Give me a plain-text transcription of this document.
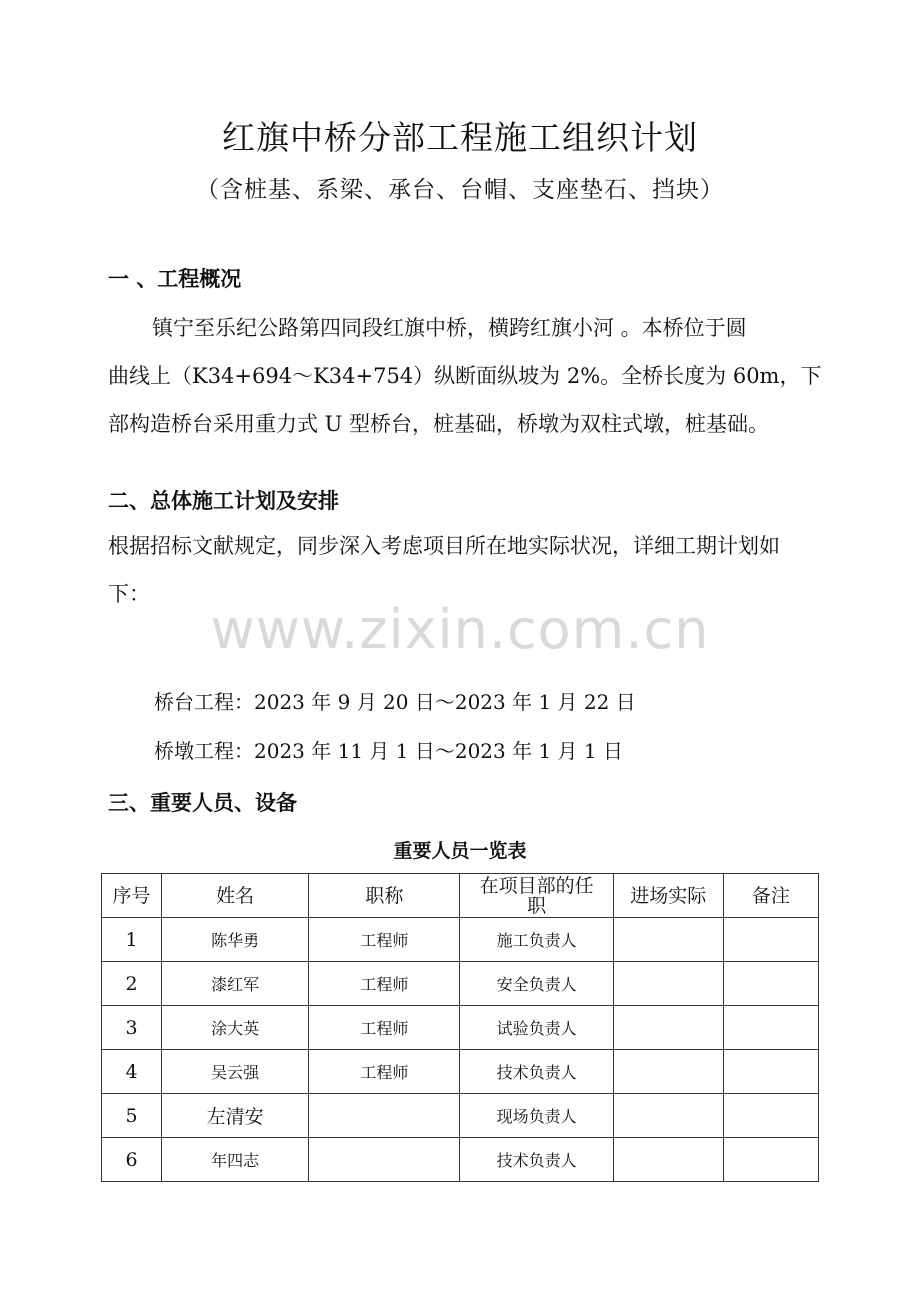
红旗中桥分部工程施工组织计划
（含桩基、系梁、承台、台帽、支座垫石、挡块）
一 、工程概况
镇宁至乐纪公路第四同段红旗中桥，横跨红旗小河 。本桥位于圆
曲线上（K34+694～K34+754）纵断面纵坡为 2%。全桥长度为 60m，下
部构造桥台采用重力式 U 型桥台，桩基础，桥墩为双柱式墩，桩基础。
二、总体施工计划及安排
根据招标文献规定，同步深入考虑项目所在地实际状况，详细工期计划如
下：
www.zixin.com.cn
桥台工程：2023 年 9 月 20 日～2023 年 1 月 22 日
桥墩工程：2023 年 11 月 1 日～2023 年 1 月 1 日
三、重要人员、设备
重要人员一览表
序号	姓名	职称	在项目部的任职	进场实际	备注
1	陈华勇	工程师	施工负责人		
2	漆红军	工程师	安全负责人		
3	涂大英	工程师	试验负责人		
4	吴云强	工程师	技术负责人		
5	左清安		现场负责人		
6	年四志		技术负责人		
